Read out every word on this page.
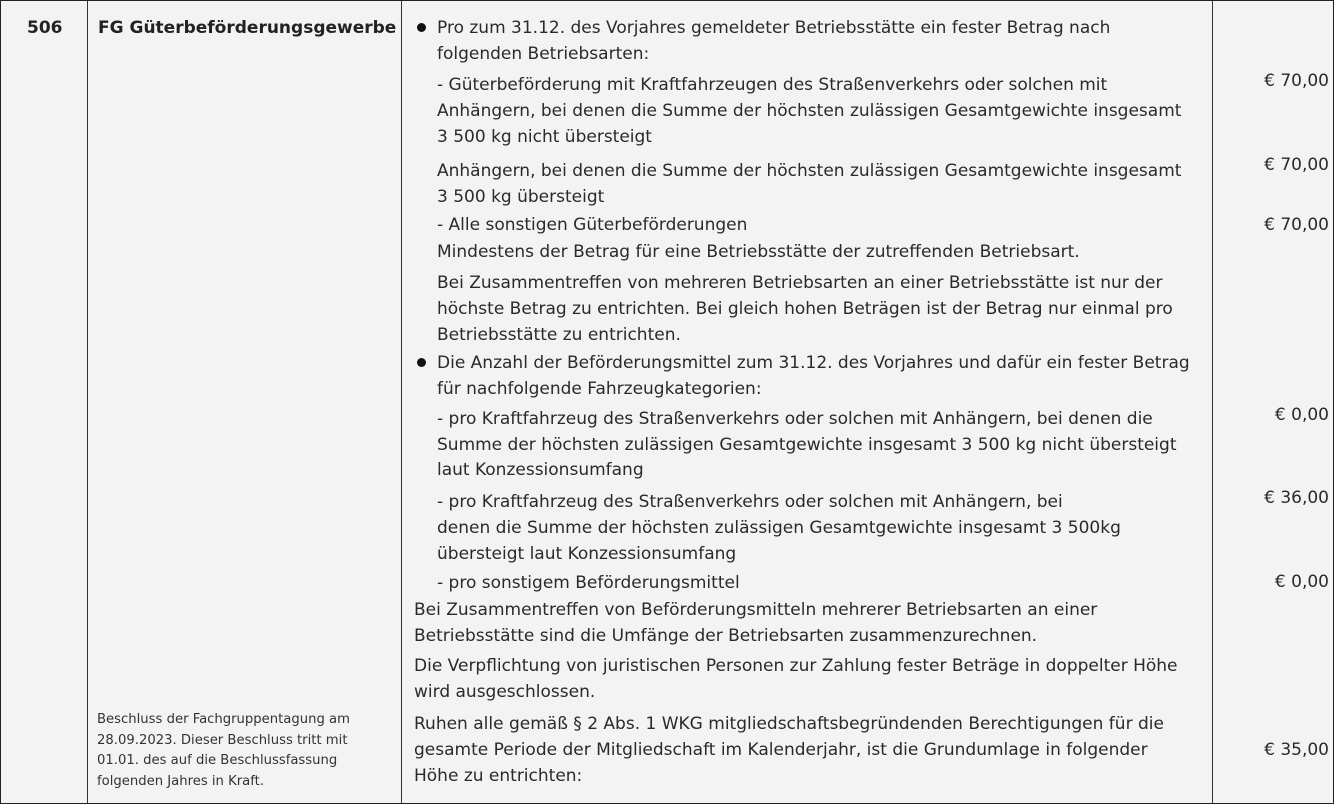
506 FG Güterbeförderungsgewerbe
Beschluss der Fachgruppentagung am
28.09.2023. Dieser Beschluss tritt mit
01.01. des auf die Beschlussfassung
folgenden Jahres in Kraft.
Pro zum 31.12. des Vorjahres gemeldeter Betriebsstätte ein fester Betrag nach
folgenden Betriebsarten:
- Güterbeförderung mit Kraftfahrzeugen des Straßenverkehrs oder solchen mit
Anhängern, bei denen die Summe der höchsten zulässigen Gesamtgewichte insgesamt
3 500 kg nicht übersteigt
Anhängern, bei denen die Summe der höchsten zulässigen Gesamtgewichte insgesamt
3 500 kg übersteigt
- Alle sonstigen Güterbeförderungen
Mindestens der Betrag für eine Betriebsstätte der zutreffenden Betriebsart.
Bei Zusammentreffen von mehreren Betriebsarten an einer Betriebsstätte ist nur der
höchste Betrag zu entrichten. Bei gleich hohen Beträgen ist der Betrag nur einmal pro
Betriebsstätte zu entrichten.
Die Anzahl der Beförderungsmittel zum 31.12. des Vorjahres und dafür ein fester Betrag
für nachfolgende Fahrzeugkategorien:
- pro Kraftfahrzeug des Straßenverkehrs oder solchen mit Anhängern, bei denen die
Summe der höchsten zulässigen Gesamtgewichte insgesamt 3 500 kg nicht übersteigt
laut Konzessionsumfang
- pro Kraftfahrzeug des Straßenverkehrs oder solchen mit Anhängern, bei
denen die Summe der höchsten zulässigen Gesamtgewichte insgesamt 3 500kg
übersteigt laut Konzessionsumfang
- pro sonstigem Beförderungsmittel
Bei Zusammentreffen von Beförderungsmitteln mehrerer Betriebsarten an einer
Betriebsstätte sind die Umfänge der Betriebsarten zusammenzurechnen.
Die Verpflichtung von juristischen Personen zur Zahlung fester Beträge in doppelter Höhe
wird ausgeschlossen.
Ruhen alle gemäß § 2 Abs. 1 WKG mitgliedschaftsbegründenden Berechtigungen für die
gesamte Periode der Mitgliedschaft im Kalenderjahr, ist die Grundumlage in folgender
Höhe zu entrichten:
€ 70,00
€ 70,00
€ 70,00
€ 0,00
€ 36,00
€ 0,00
€ 35,00
